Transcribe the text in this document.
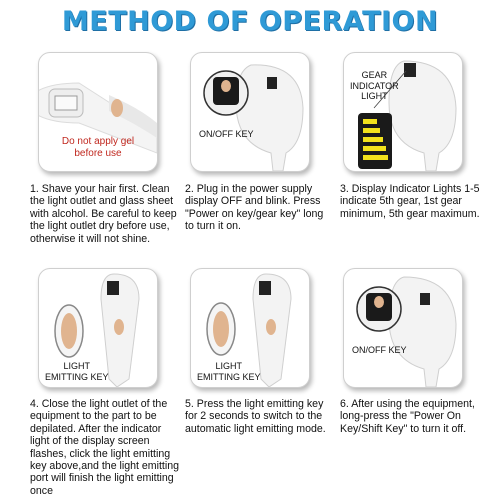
METHOD OF OPERATION
Do not apply gel
before use
1. Shave your hair first. Clean the light outlet and glass sheet with alcohol. Be careful to keep the light outlet dry before use, otherwise it will not shine.
ON/OFF KEY
2. Plug in the power supply display OFF and blink. Press "Power on key/gear key" long to turn it on.
GEAR
INDICATOR
LIGHT
3. Display Indicator Lights 1-5 indicate 5th gear, 1st gear minimum, 5th gear maximum.
LIGHT
EMITTING KEY
4. Close the light outlet of the equipment to the part to be depilated. After the indicator light of the display screen flashes, click the light emitting key above,and the light emitting port will finish the light emitting once
LIGHT
EMITTING KEY
5. Press the light emitting key for 2 seconds to switch to the automatic light emitting mode.
ON/OFF KEY
6. After using the equipment, long-press the "Power On Key/Shift Key" to turn it off.
